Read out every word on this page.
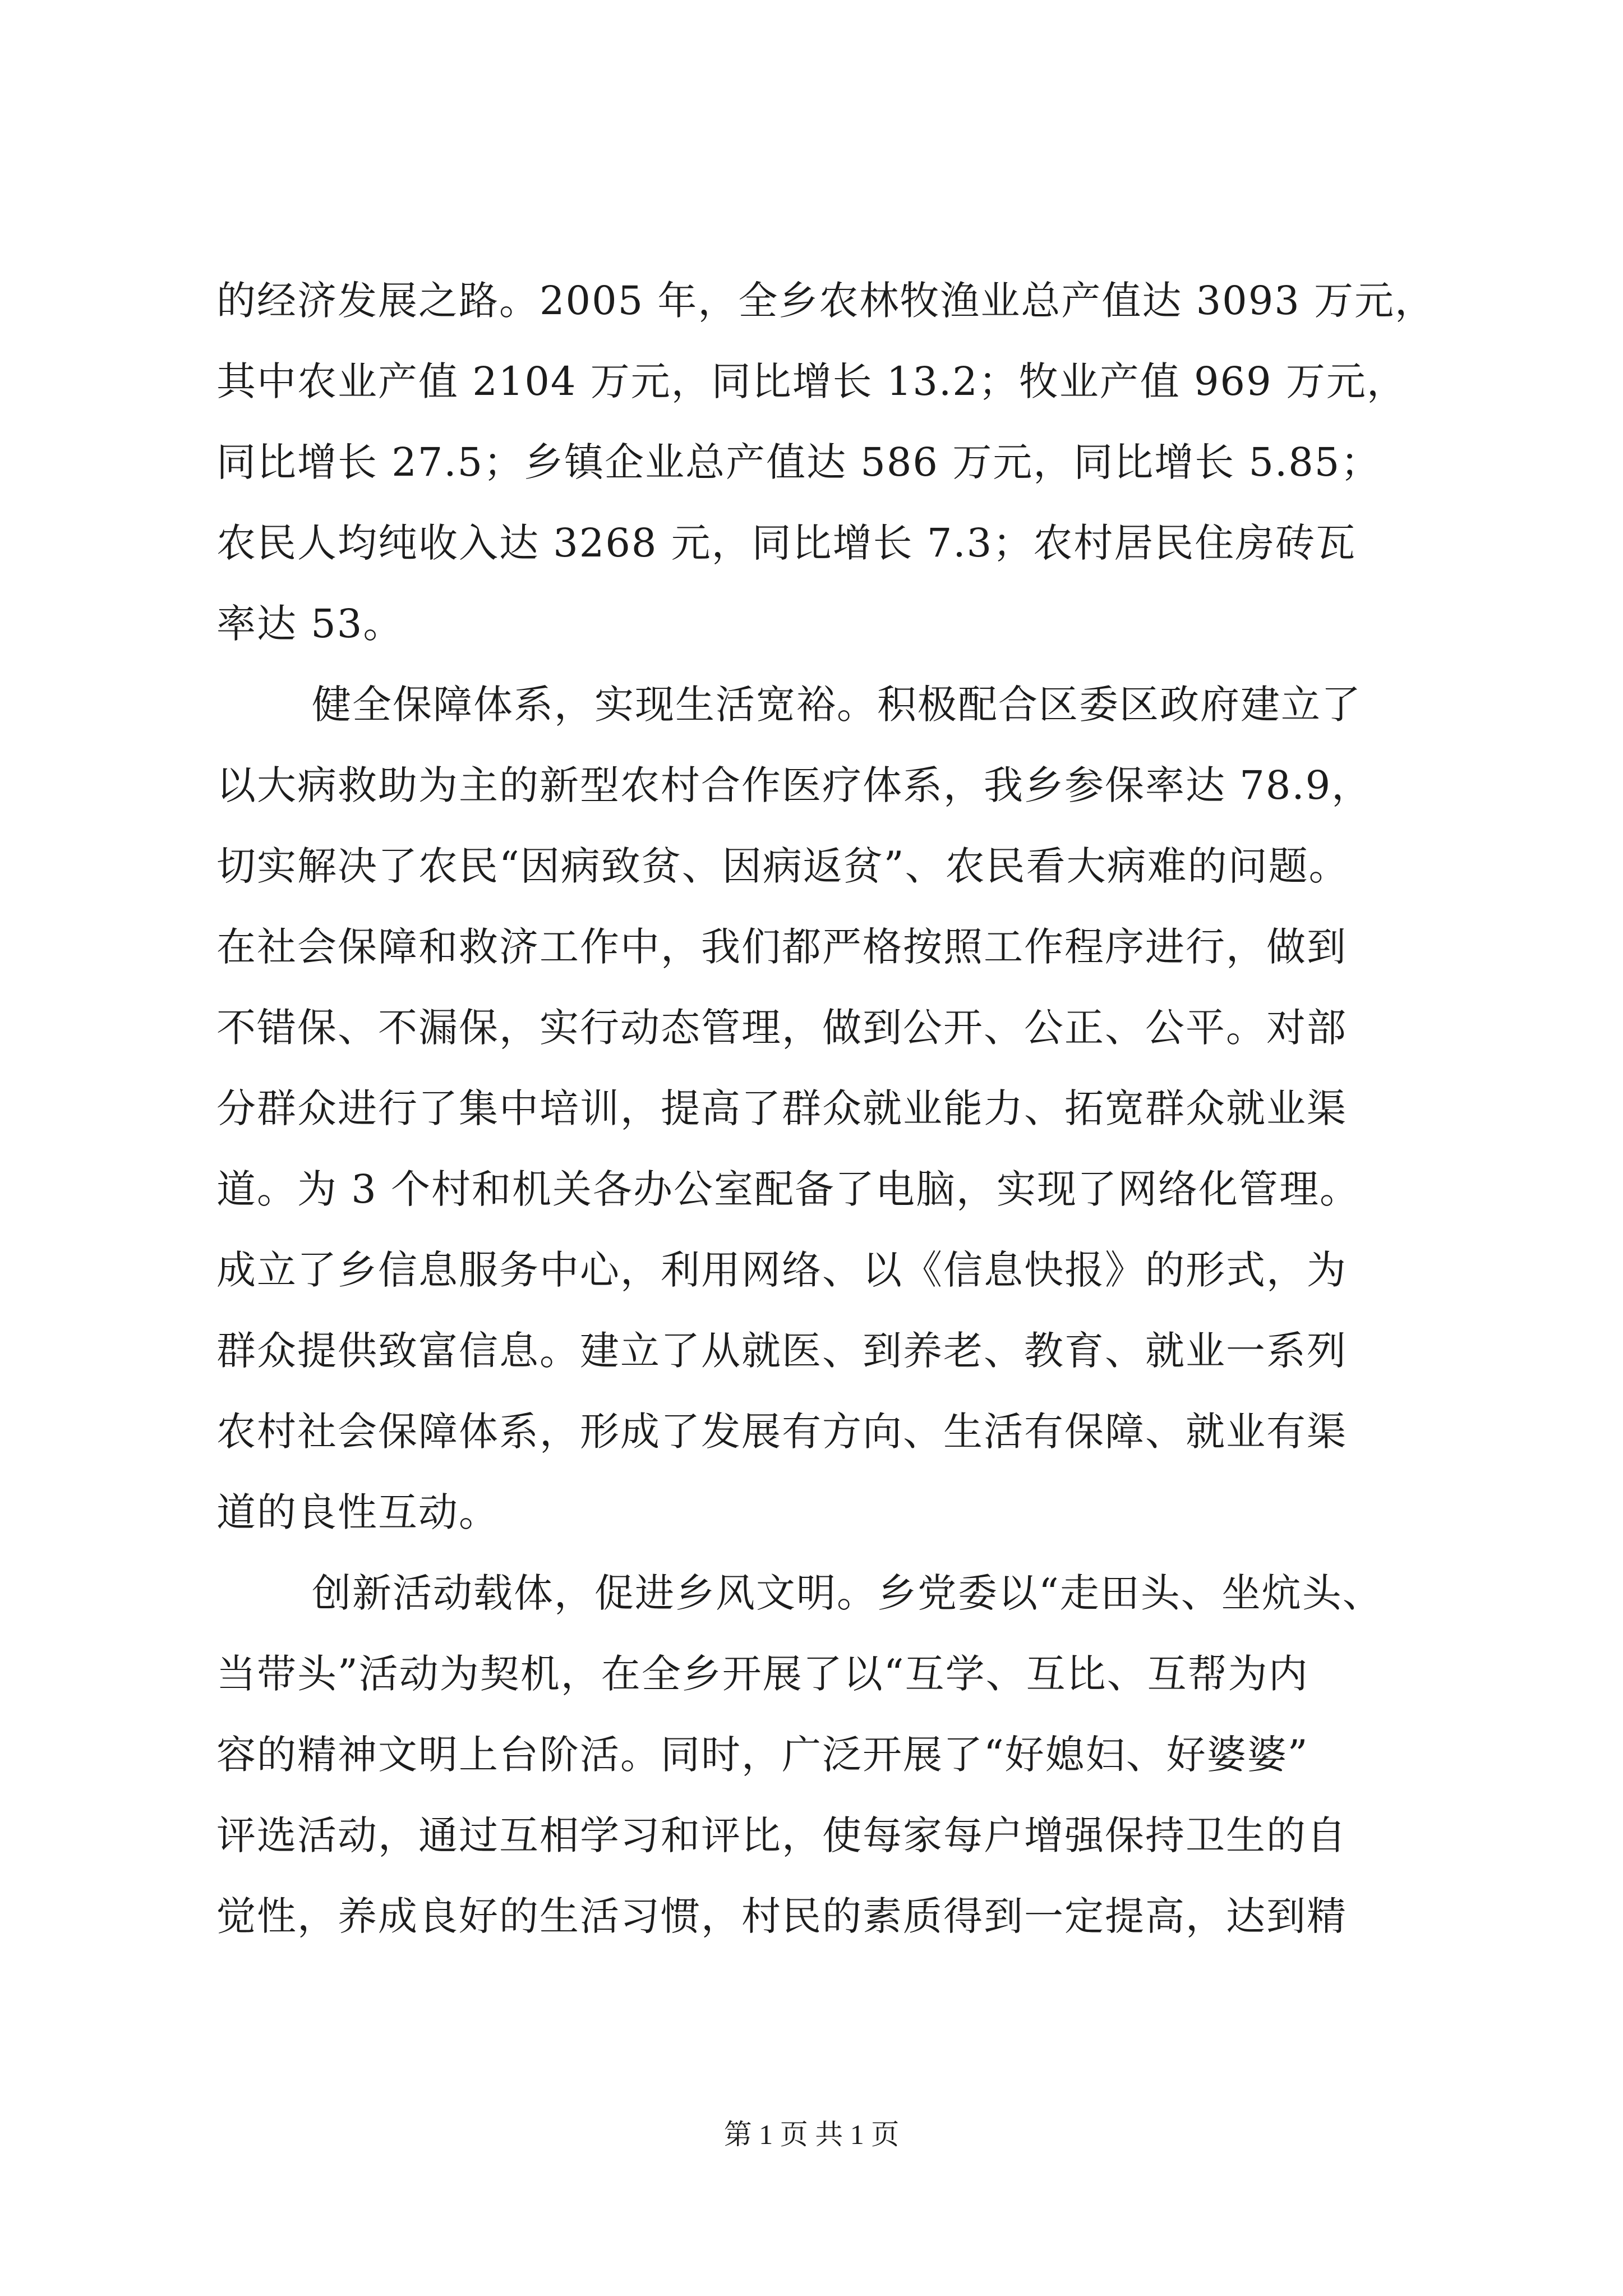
的经济发展之路。2005 年，全乡农林牧渔业总产值达 3093 万元，
其中农业产值 2104 万元，同比增长 13.2；牧业产值 969 万元，
同比增长 27.5；乡镇企业总产值达 586 万元，同比增长 5.85；
农民人均纯收入达 3268 元，同比增长 7.3；农村居民住房砖瓦
率达 53。

健全保障体系，实现生活宽裕。积极配合区委区政府建立了
以大病救助为主的新型农村合作医疗体系，我乡参保率达 78.9，
切实解决了农民“因病致贫、因病返贫”、农民看大病难的问题。
在社会保障和救济工作中，我们都严格按照工作程序进行，做到
不错保、不漏保，实行动态管理，做到公开、公正、公平。对部
分群众进行了集中培训，提高了群众就业能力、拓宽群众就业渠
道。为 3 个村和机关各办公室配备了电脑，实现了网络化管理。
成立了乡信息服务中心，利用网络、以《信息快报》的形式，为
群众提供致富信息。建立了从就医、到养老、教育、就业一系列
农村社会保障体系，形成了发展有方向、生活有保障、就业有渠
道的良性互动。

创新活动载体，促进乡风文明。乡党委以“走田头、坐炕头、
当带头”活动为契机，在全乡开展了以“互学、互比、互帮为内
容的精神文明上台阶活。同时，广泛开展了“好媳妇、好婆婆”
评选活动，通过互相学习和评比，使每家每户增强保持卫生的自
觉性，养成良好的生活习惯，村民的素质得到一定提高，达到精

第 1 页 共 1 页
